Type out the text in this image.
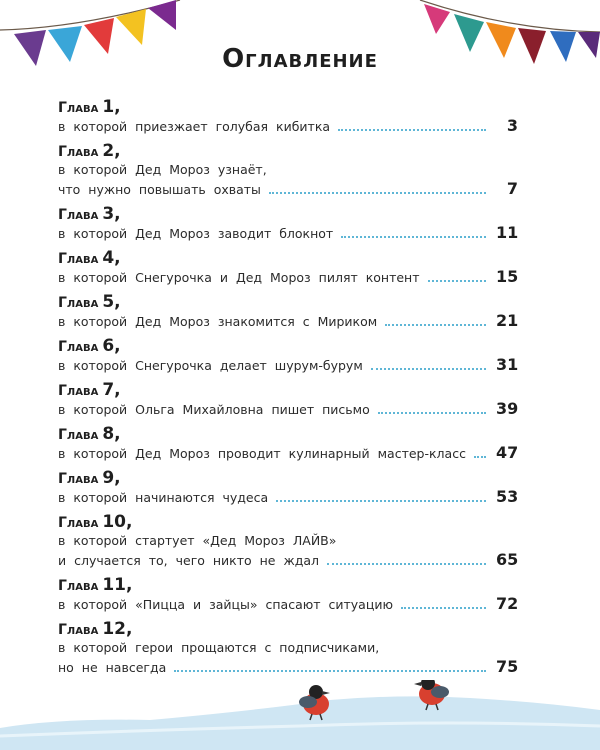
Оглавление
Глава 1,
в которой приезжает голубая кибитка	3
Глава 2,
в которой Дед Мороз узнаёт,
что нужно повышать охваты	7
Глава 3,
в которой Дед Мороз заводит блокнот	11
Глава 4,
в которой Снегурочка и Дед Мороз пилят контент	15
Глава 5,
в которой Дед Мороз знакомится с Мириком	21
Глава 6,
в которой Снегурочка делает шурум-бурум	31
Глава 7,
в которой Ольга Михайловна пишет письмо	39
Глава 8,
в которой Дед Мороз проводит кулинарный мастер-класс 47
Глава 9,
в которой начинаются чудеса	53
Глава 10,
в которой стартует «Дед Мороз ЛАЙВ»
и случается то, чего никто не ждал	65
Глава 11,
в которой «Пицца и зайцы» спасают ситуацию	72
Глава 12,
в которой герои прощаются с подписчиками,
но не навсегда	75
